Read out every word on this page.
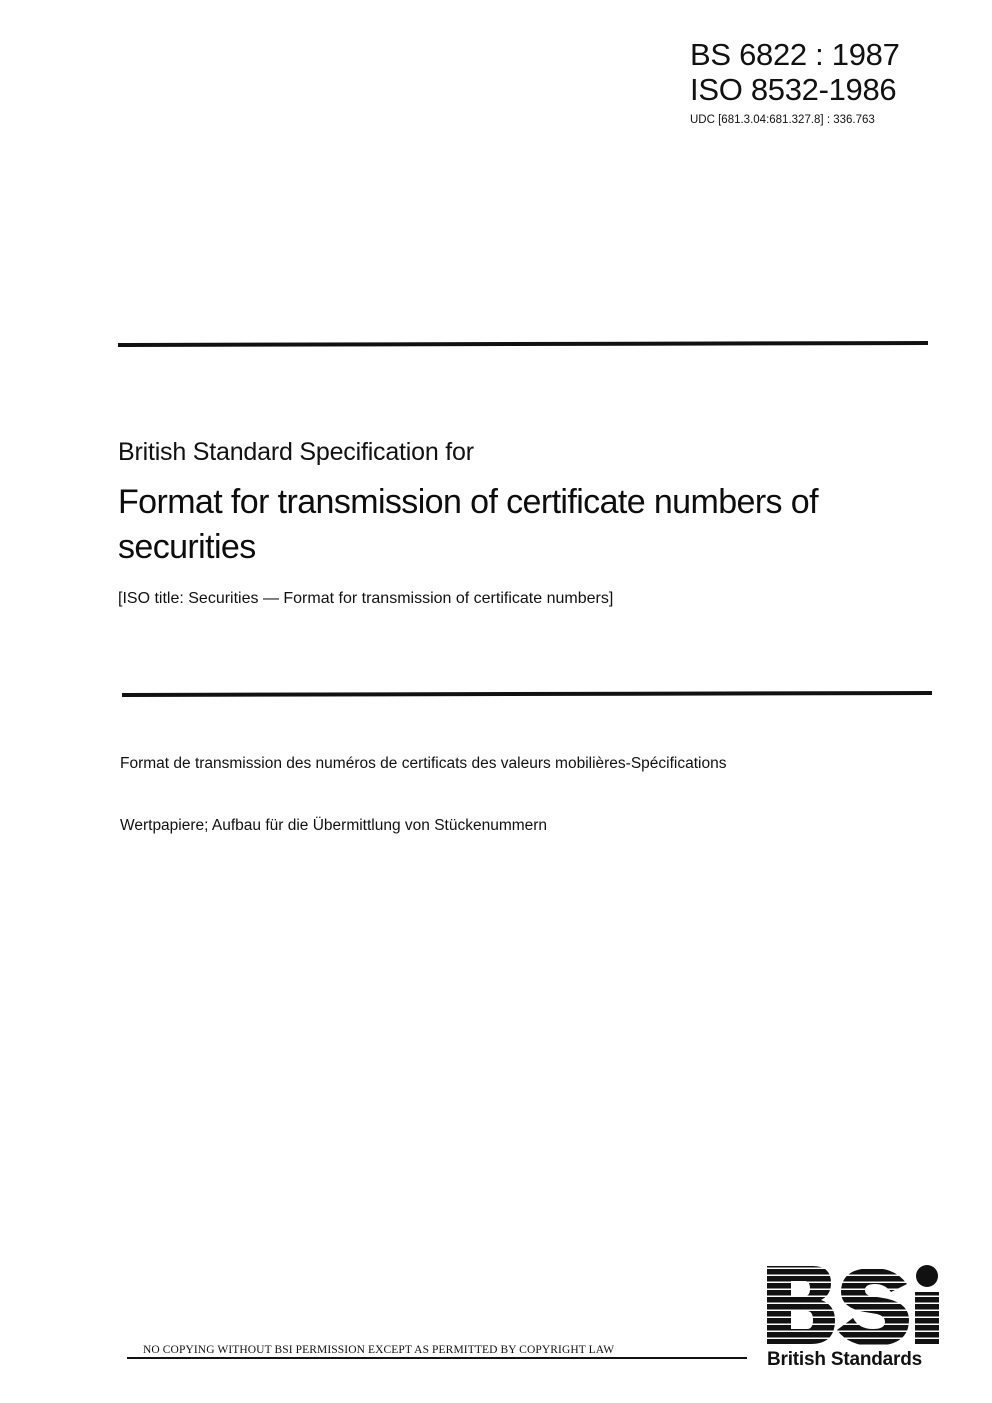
BS 6822 : 1987
ISO 8532-1986
UDC [681.3.04:681.327.8] : 336.763
British Standard Specification for
Format for transmission of certificate numbers of securities
[ISO title: Securities — Format for transmission of certificate numbers]
Format de transmission des numéros de certificats des valeurs mobilières-Spécifications
Wertpapiere; Aufbau für die Übermittlung von Stückenummern
NO COPYING WITHOUT BSI PERMISSION EXCEPT AS PERMITTED BY COPYRIGHT LAW	British Standards
